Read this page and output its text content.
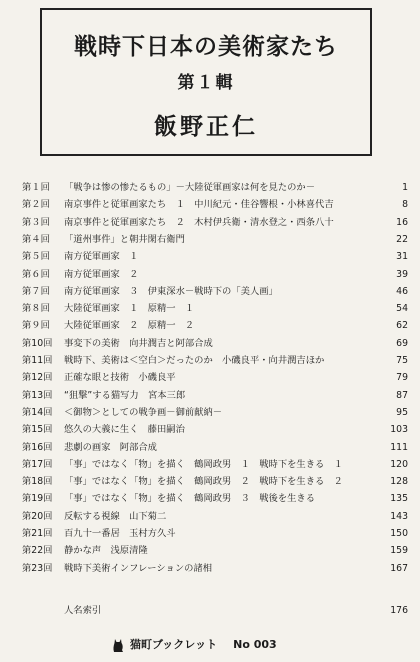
戦時下日本の美術家たち
第１輯
飯野正仁
第１回	「戦争は惨の惨たるもの」－大陸従軍画家は何を見たのか－	1
第２回	南京事件と従軍画家たち　１　中川紀元・佳谷響根・小林喜代吉	8
第３回	南京事件と従軍画家たち　２　木村伊兵衛・清水登之・西条八十	16
第４回	「道州事件」と朝井閑右衛門	22
第５回	南方従軍画家　１	31
第６回	南方従軍画家　２	39
第７回	南方従軍画家　３　伊東深水－戦時下の「美人画」	46
第８回	大陸従軍画家　１　原精一　１	54
第９回	大陸従軍画家　２　原精一　２	62
第10回	事変下の美術　向井潤吉と阿部合成	69
第11回	戦時下、美術は＜空白＞だったのか　小磯良平・向井潤吉ほか	75
第12回	正確な眼と技術　小磯良平	79
第13回	“狙撃”する猫写力　宮本三郎	87
第14回	＜御物＞としての戦争画－御前献納－	95
第15回	悠久の大義に生く　藤田嗣治	103
第16回	悲劇の画家　阿部合成	111
第17回	「事」ではなく「物」を描く　鶴岡政男　１　戦時下を生きる　１	120
第18回	「事」ではなく「物」を描く　鶴岡政男　２　戦時下を生きる　２	128
第19回	「事」ではなく「物」を描く　鶴岡政男　３　戦後を生きる	135
第20回	反転する視線　山下菊二	143
第21回	百九十一番居　玉村方久斗	150
第22回	静かな声　浅原清隆	159
第23回	戦時下美術インフレーションの諸相	167
人名索引	176
猫町ブックレット No 003
